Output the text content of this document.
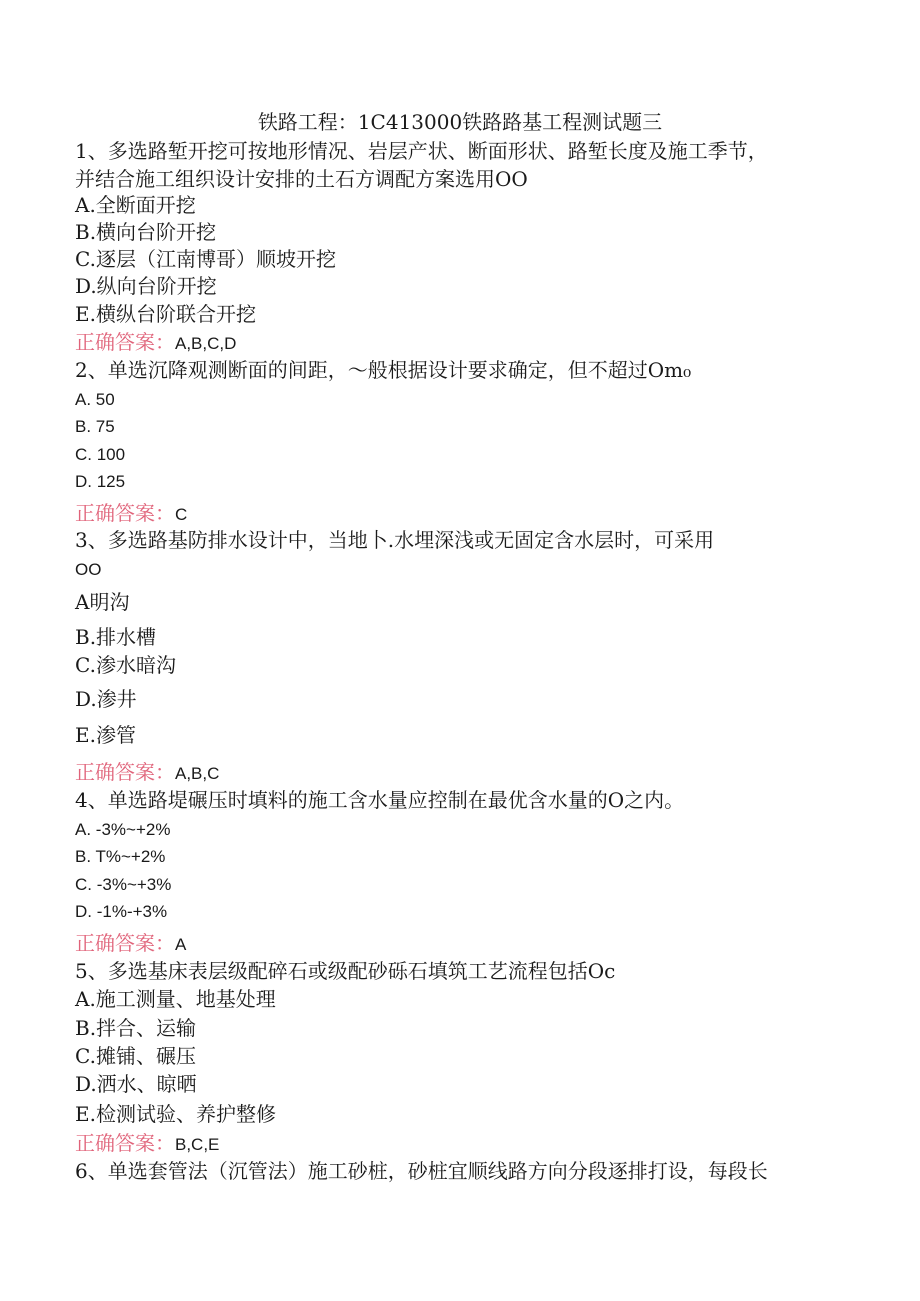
铁路工程：1C413000铁路路基工程测试题三
1、多选路堑开挖可按地形情况、岩层产状、断面形状、路堑长度及施工季节，
并结合施工组织设计安排的土石方调配方案选用OO
A.全断面开挖
B.横向台阶开挖
C.逐层（江南博哥）顺坡开挖
D.纵向台阶开挖
E.横纵台阶联合开挖
正确答案：A,B,C,D
2、单选沉降观测断面的间距，～般根据设计要求确定，但不超过Om₀
A. 50
B. 75
C. 100
D. 125
正确答案：C
3、多选路基防排水设计中，当地卜.水埋深浅或无固定含水层时，可采用
OO
A明沟
B.排水槽
C.渗水暗沟
D.渗井
E.渗管
正确答案：A,B,C
4、单选路堤碾压时填料的施工含水量应控制在最优含水量的O之内。
A. -3%~+2%
B. T%~+2%
C. -3%~+3%
D. -1%-+3%
正确答案：A
5、多选基床表层级配碎石或级配砂砾石填筑工艺流程包括Oc
A.施工测量、地基处理
B.拌合、运输
C.摊铺、碾压
D.洒水、晾晒
E.检测试验、养护整修
正确答案：B,C,E
6、单选套管法（沉管法）施工砂桩，砂桩宜顺线路方向分段逐排打设，每段长
